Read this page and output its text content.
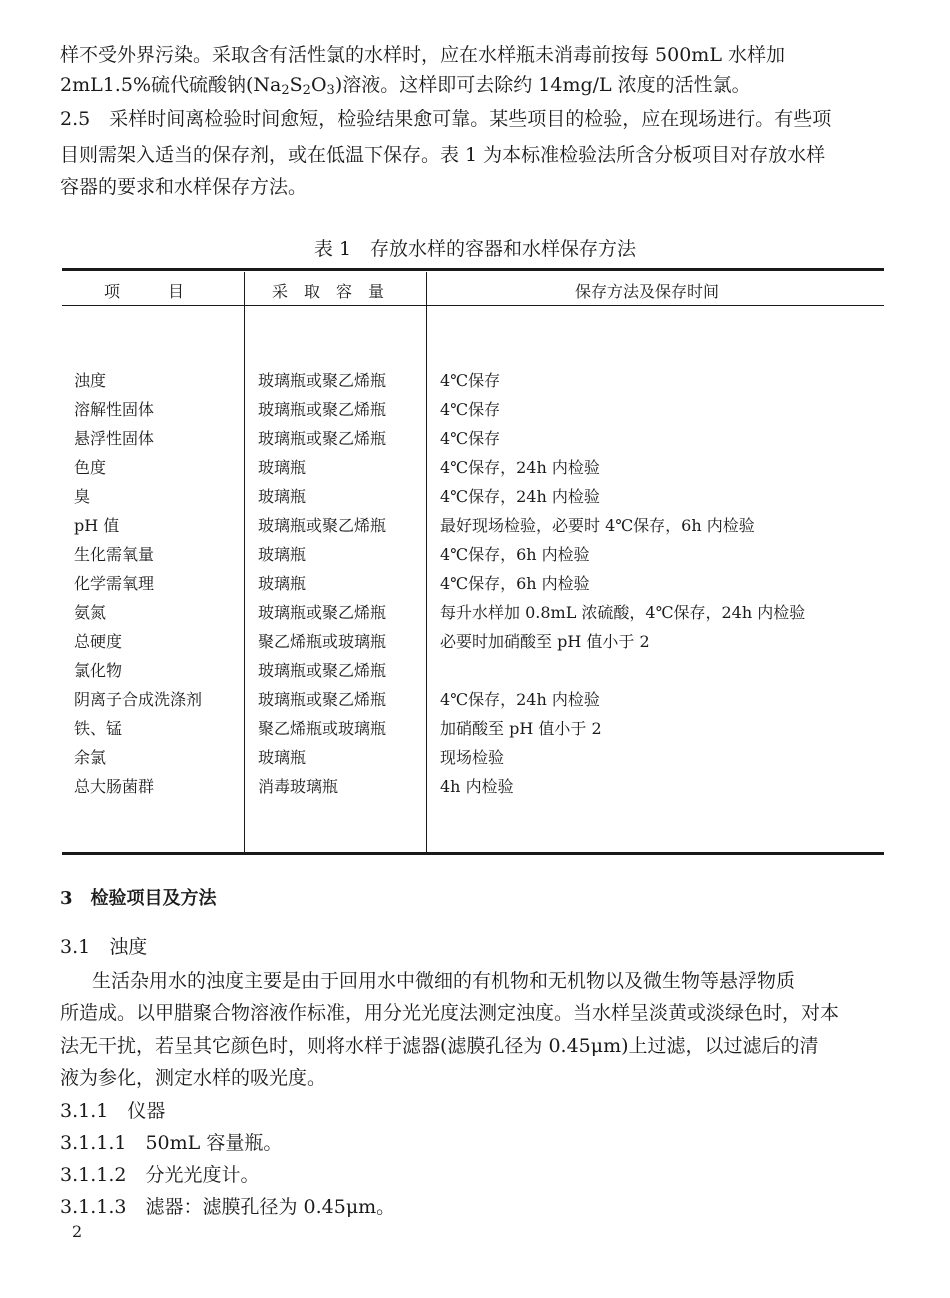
样不受外界污染。采取含有活性氯的水样时，应在水样瓶未消毒前按每 500mL 水样加
2mL1.5%硫代硫酸钠$(Na_2S_2O_3)$溶液。这样即可去除约 14mg/L 浓度的活性氯。
2.5　采样时间离检验时间愈短，检验结果愈可靠。某些项目的检验，应在现场进行。有些项
目则需架入适当的保存剂，或在低温下保存。表 1 为本标准检验法所含分板项目对存放水样
容器的要求和水样保存方法。
表 1　存放水样的容器和水样保存方法
项　　　目	采　取　容　量	保存方法及保存时间
浊度	玻璃瓶或聚乙烯瓶	4℃保存
溶解性固体	玻璃瓶或聚乙烯瓶	4℃保存
悬浮性固体	玻璃瓶或聚乙烯瓶	4℃保存
色度	玻璃瓶	4℃保存，24h 内检验
臭	玻璃瓶	4℃保存，24h 内检验
pH 值	玻璃瓶或聚乙烯瓶	最好现场检验，必要时 4℃保存，6h 内检验
生化需氧量	玻璃瓶	4℃保存，6h 内检验
化学需氧理	玻璃瓶	4℃保存，6h 内检验
氨氮	玻璃瓶或聚乙烯瓶	每升水样加 0.8mL 浓硫酸，4℃保存，24h 内检验
总硬度	聚乙烯瓶或玻璃瓶	必要时加硝酸至 pH 值小于 2
氯化物	玻璃瓶或聚乙烯瓶
阴离子合成洗涤剂	玻璃瓶或聚乙烯瓶	4℃保存，24h 内检验
铁、锰	聚乙烯瓶或玻璃瓶	加硝酸至 pH 值小于 2
余氯	玻璃瓶	现场检验
总大肠菌群	消毒玻璃瓶	4h 内检验
3　检验项目及方法
3.1　浊度
生活杂用水的浊度主要是由于回用水中微细的有机物和无机物以及微生物等悬浮物质
所造成。以甲腊聚合物溶液作标准，用分光光度法测定浊度。当水样呈淡黄或淡绿色时，对本
法无干扰，若呈其它颜色时，则将水样于滤器(滤膜孔径为 0.45μm)上过滤，以过滤后的清
液为参化，测定水样的吸光度。
3.1.1　仪器
3.1.1.1　50mL 容量瓶。
3.1.1.2　分光光度计。
3.1.1.3　滤器：滤膜孔径为 0.45μm。
2
